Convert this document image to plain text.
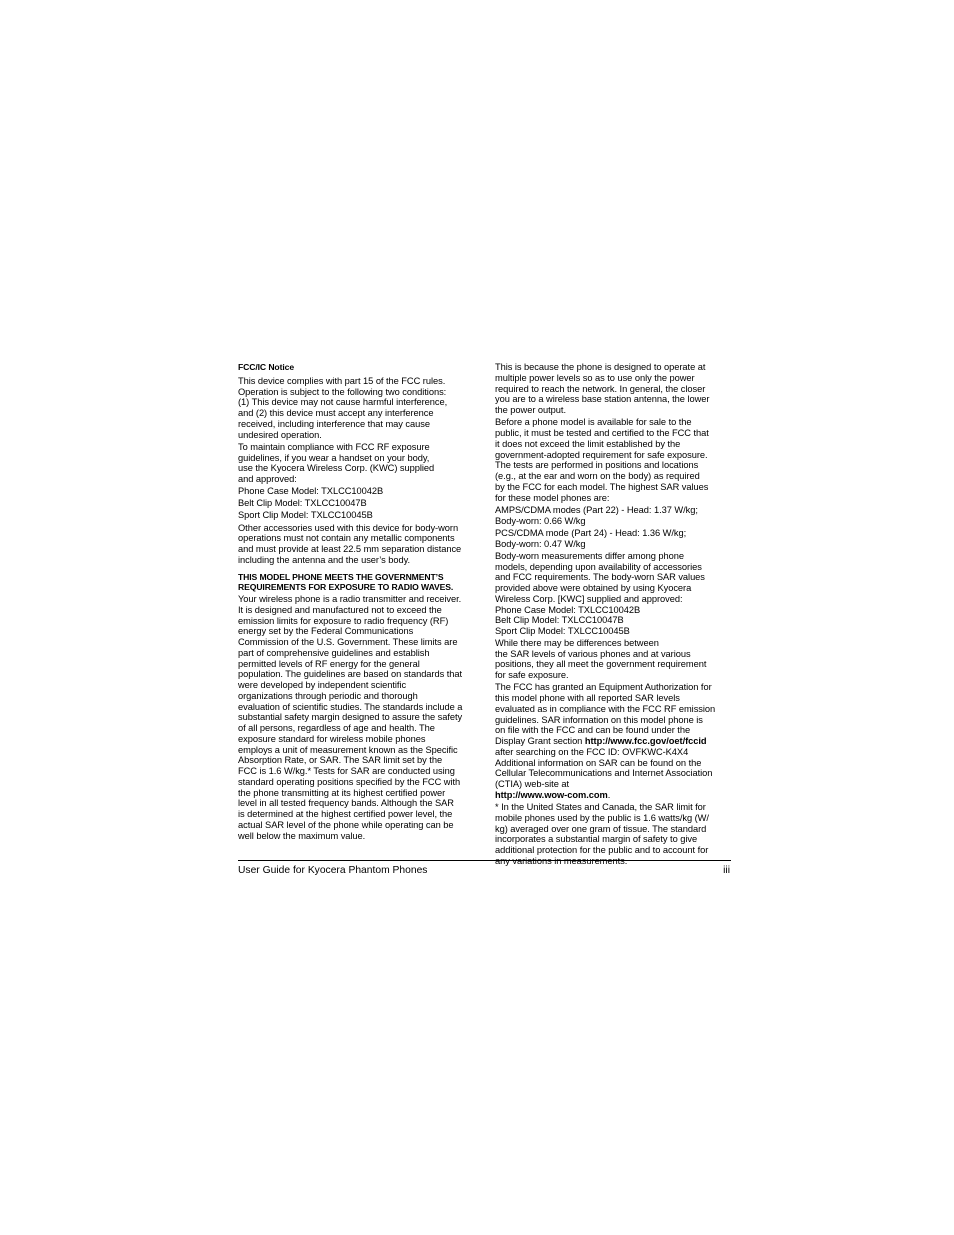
FCC/IC Notice

This device complies with part 15 of the FCC rules.
Operation is subject to the following two conditions:
(1) This device may not cause harmful interference,
and (2) this device must accept any interference
received, including interference that may cause
undesired operation.

To maintain compliance with FCC RF exposure
guidelines, if you wear a handset on your body,
use the Kyocera Wireless Corp. (KWC) supplied
and approved:

Phone Case Model: TXLCC10042B

Belt Clip Model: TXLCC10047B

Sport Clip Model: TXLCC10045B

Other accessories used with this device for body-worn
operations must not contain any metallic components
and must provide at least 22.5 mm separation distance
including the antenna and the user’s body.

THIS MODEL PHONE MEETS THE GOVERNMENT’S
REQUIREMENTS FOR EXPOSURE TO RADIO WAVES.

Your wireless phone is a radio transmitter and receiver.
It is designed and manufactured not to exceed the
emission limits for exposure to radio frequency (RF)
energy set by the Federal Communications
Commission of the U.S. Government. These limits are
part of comprehensive guidelines and establish
permitted levels of RF energy for the general
population. The guidelines are based on standards that
were developed by independent scientific
organizations through periodic and thorough
evaluation of scientific studies. The standards include a
substantial safety margin designed to assure the safety
of all persons, regardless of age and health. The
exposure standard for wireless mobile phones
employs a unit of measurement known as the Specific
Absorption Rate, or SAR. The SAR limit set by the
FCC is 1.6 W/kg.* Tests for SAR are conducted using
standard operating positions specified by the FCC with
the phone transmitting at its highest certified power
level in all tested frequency bands. Although the SAR
is determined at the highest certified power level, the
actual SAR level of the phone while operating can be
well below the maximum value.

This is because the phone is designed to operate at
multiple power levels so as to use only the power
required to reach the network. In general, the closer
you are to a wireless base station antenna, the lower
the power output.

Before a phone model is available for sale to the
public, it must be tested and certified to the FCC that
it does not exceed the limit established by the
government-adopted requirement for safe exposure.
The tests are performed in positions and locations
(e.g., at the ear and worn on the body) as required
by the FCC for each model. The highest SAR values
for these model phones are:

AMPS/CDMA modes (Part 22) - Head: 1.37 W/kg;
Body-worn: 0.66 W/kg

PCS/CDMA mode (Part 24) - Head: 1.36 W/kg;
Body-worn: 0.47 W/kg

Body-worn measurements differ among phone
models, depending upon availability of accessories
and FCC requirements. The body-worn SAR values
provided above were obtained by using Kyocera
Wireless Corp. [KWC] supplied and approved:
Phone Case Model: TXLCC10042B
Belt Clip Model: TXLCC10047B
Sport Clip Model: TXLCC10045B

While there may be differences between
the SAR levels of various phones and at various
positions, they all meet the government requirement
for safe exposure.

The FCC has granted an Equipment Authorization for
this model phone with all reported SAR levels
evaluated as in compliance with the FCC RF emission
guidelines. SAR information on this model phone is
on file with the FCC and can be found under the
Display Grant section http://www.fcc.gov/oet/fccid
after searching on the FCC ID: OVFKWC-K4X4
Additional information on SAR can be found on the
Cellular Telecommunications and Internet Association
(CTIA) web-site at
http://www.wow-com.com.

* In the United States and Canada, the SAR limit for
mobile phones used by the public is 1.6 watts/kg (W/
kg) averaged over one gram of tissue. The standard
incorporates a substantial margin of safety to give
additional protection for the public and to account for
any variations in measurements.

User Guide for Kyocera Phantom Phones	iii
